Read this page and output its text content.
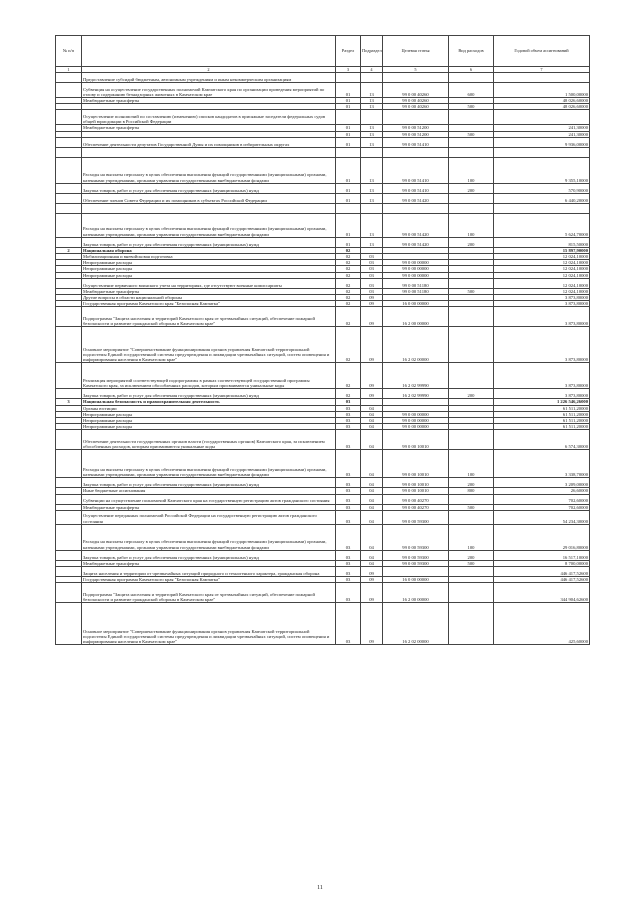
№ п/п		Раздел	Подраздел	Целевая статья	Вид расходов	Годовой объем ассигнований
1	2	3	4	5	6	7
	Предоставление субсидий бюджетным, автономным учреждениям и иным некоммерческим организациям					
	Субвенция на осуществление государственных полномочий Камчатского края по организации проведения мероприятий по отлову и содержанию безнадзорных животных в Камчатском крае	01	13	99 0 00 40260	600	1 500,00000
	Межбюджетные трансферты	01	13	99 0 00 40260		48 026,60000
		01	13	99 0 00 40260	500	48 026,60000
	Осуществление полномочий по составлению (изменению) списков кандидатов в присяжные заседатели федеральных судов общей юрисдикции в Российской Федерации					
	Межбюджетные трансферты	01	13	99 0 00 51200		241,30000
		01	13	99 0 00 51200	500	241,30000
	Обеспечение деятельности депутатов Государственной Думы и их помощников в избирательных округах	01	13	99 0 00 51410		9 936,00000

	Расходы на выплаты персоналу в целях обеспечения выполнения функций государственными (муниципальными) органами, казенными учреждениями, органами управления государственными внебюджетными фондами	01	13	99 0 00 51410	100	9 355,10000
	Закупка товаров, работ и услуг для обеспечения государственных (муниципальных) нужд	01	13	99 0 00 51410	200	570,90000
	Обеспечение членов Совета Федерации и их помощников в субъектах Российской Федерации	01	13	99 0 00 51420		6 440,20000

	Расходы на выплаты персоналу в целях обеспечения выполнения функций государственными (муниципальными) органами, казенными учреждениями, органами управления государственными внебюджетными фондами	01	13	99 0 00 51420	100	5 624,70000
	Закупка товаров, работ и услуг для обеспечения государственных (муниципальных) нужд	01	13	99 0 00 51420	200	815,50000
2	Национальная оборона	02				15 897,90000
	Мобилизационная и вневойсковая подготовка	02	03			12 024,10000
	Непрограммные расходы	02	03	99 0 00 00000		12 024,10000
	Непрограммные расходы	02	03	99 0 00 00000		12 024,10000
	Непрограммные расходы	02	03	99 0 00 00000		12 024,10000
	Осуществление первичного воинского учета на территориях, где отсутствуют военные комиссариаты	02	03	99 0 00 51180		12 024,10000
	Межбюджетные трансферты	02	03	99 0 00 51180	500	12 024,10000
	Другие вопросы в области национальной обороны	02	09			3 873,80000
	Государственная программа Камчатского края "Безопасная Камчатка"	02	09	16 0 00 00000		3 873,80000
	Подпрограмма "Защита населения и территорий Камчатского края от чрезвычайных ситуаций, обеспечение пожарной безопасности и развитие гражданской обороны в Камчатском крае"	02	09	16 2 00 00000		3 873,80000
	Основное мероприятие "Совершенствование функционирования органов управления Камчатской территориальной подсистемы Единой государственной системы предупреждения и ликвидации чрезвычайных ситуаций, систем оповещения и информирования населения в Камчатском крае"	02	09	16 2 02 00000		3 873,80000
	Реализация мероприятий соответствующей подпрограммы в рамках соответствующей государственной программы Камчатского края, за исключением обособленных расходов, которым присваиваются уникальные коды	02	09	16 2 02 99990		3 873,80000
	Закупка товаров, работ и услуг для обеспечения государственных (муниципальных) нужд	02	09	16 2 02 99990	200	3 873,80000
3	Национальная безопасность и правоохранительная деятельность	03				1 226 546,26000
	Органы юстиции	03	04			61 511,20000
	Непрограммные расходы	03	04	99 0 00 00000		61 511,20000
	Непрограммные расходы	03	04	99 0 00 00000		61 511,20000
	Непрограммные расходы	03	04	99 0 00 00000		61 511,20000
	Обеспечение деятельности государственных органов власти (государственных органов) Камчатского края, за исключением обособленных расходов, которым присваиваются уникальные коды	03	04	99 0 00 10010		6 574,30000
	Расходы на выплаты персоналу в целях обеспечения выполнения функций государственными (муниципальными) органами, казенными учреждениями, органами управления государственными внебюджетными фондами	03	04	99 0 00 10010	100	3 338,70000
	Закупка товаров, работ и услуг для обеспечения государственных (муниципальных) нужд	03	04	99 0 00 10010	200	3 209,00000
	Иные бюджетные ассигнования	03	04	99 0 00 10010	800	26,60000
	Субвенции на осуществление полномочий Камчатского края на государственную регистрацию актов гражданского состояния	03	04	99 0 00 40270		702,60000
	Межбюджетные трансферты	03	04	99 0 00 40270	500	702,60000
	Осуществление переданных полномочий Российской Федерации на государственную регистрацию актов гражданского состояния	03	04	99 0 00 59300		54 234,30000
	Расходы на выплаты персоналу в целях обеспечения выполнения функций государственными (муниципальными) органами, казенными учреждениями, органами управления государственными внебюджетными фондами	03	04	99 0 00 59300	100	29 016,80000
	Закупка товаров, работ и услуг для обеспечения государственных (муниципальных) нужд	03	04	99 0 00 59300	200	16 517,10000
	Межбюджетные трансферты	03	04	99 0 00 59300	500	8 700,00000
	Защита населения и территории от чрезвычайных ситуаций природного и техногенного характера, гражданская оборона	03	09			446 417,52600
	Государственная программа Камчатского края "Безопасная Камчатка"	03	09	16 0 00 00000		446 417,52600
	Подпрограмма "Защита населения и территорий Камчатского края от чрезвычайных ситуаций, обеспечение пожарной безопасности и развитие гражданской обороны в Камчатском крае"	03	09	16 2 00 00000		344 904,62600
	Основное мероприятие "Совершенствование функционирования органов управления Камчатской территориальной подсистемы Единой государственной системы предупреждения и ликвидации чрезвычайных ситуаций, систем оповещения и информирования населения в Камчатском крае"	03	09	16 2 02 00000		425,60000
11
